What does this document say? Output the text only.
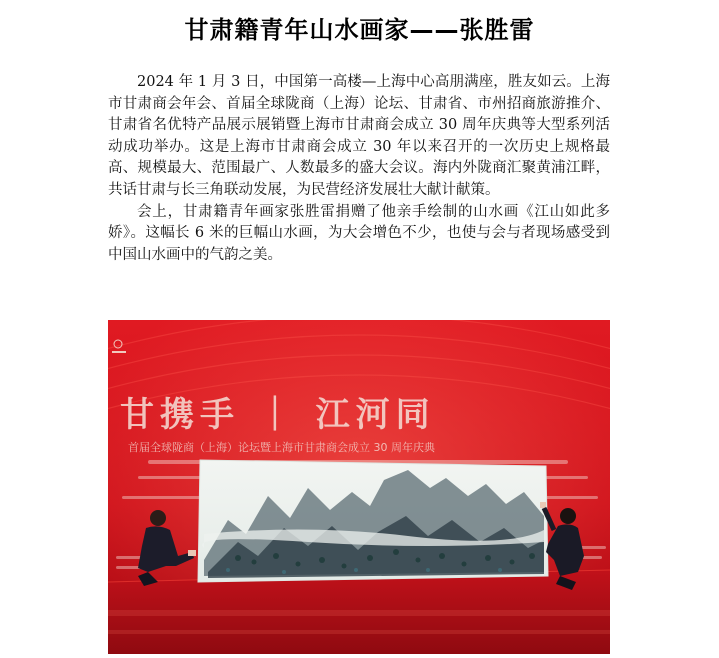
甘肃籍青年山水画家——张胜雷

2024 年 1 月 3 日，中国第一高楼—上海中心高朋满座，胜友如云。上海市甘肃商会年会、首届全球陇商（上海）论坛、甘肃省、市州招商旅游推介、甘肃省名优特产品展示展销暨上海市甘肃商会成立 30 周年庆典等大型系列活动成功举办。这是上海市甘肃商会成立 30 年以来召开的一次历史上规格最高、规模最大、范围最广、人数最多的盛大会议。海内外陇商汇聚黄浦江畔，共话甘肃与长三角联动发展，为民营经济发展壮大献计献策。

会上，甘肃籍青年画家张胜雷捐赠了他亲手绘制的山水画《江山如此多娇》。这幅长 6 米的巨幅山水画，为大会增色不少，也使与会与者现场感受到中国山水画中的气韵之美。

甘携手 ｜ 江河同
首届全球陇商（上海）论坛暨上海市甘肃商会成立 30 周年庆典
